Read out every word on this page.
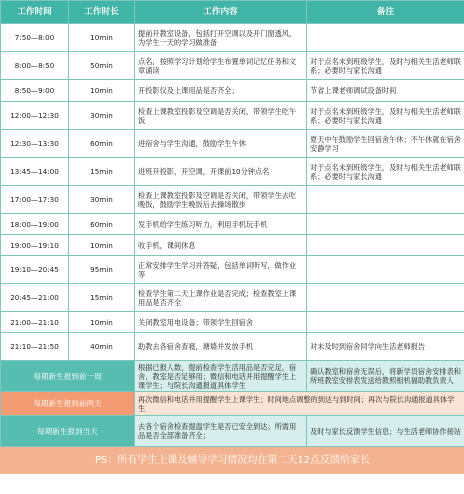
工作时间	工作时长	工作内容	备注
7:50—8:00	10min	提前开教室设备，包括打开空调以及开门窗透风，为学生一天的学习做准备	
8:00—8:50	50min	点名，按照学习计划给学生布置单词记忆任务和文章诵读	对于点名未到班级学生，及时与相关生活老师联系；必要时与家长沟通
8:50—9:00	10min	开投影仪及上课用品是否齐全；	节省上课老师调试设备时间
12:00—12:30	30min	检查上课教室投影及空调是否关闭，带领学生吃午饭	对于点名未到班级学生，及时与相关生活老师联系；必要时与家长沟通
12:30—13:30	60min	进宿舍与学生沟通，鼓励学生午休	夏天中午鼓励学生回宿舍午休；不午休就在宿舍安静学习
13:45—14:00	15min	进班开投影，开空调，开课前10分钟点名	对于点名未到班级学生，及时与相关生活老师联系；必要时与家长沟通
17:00—17:30	30min	检查上课教室投影及空调是否关闭，带领学生去吃晚饭，鼓励学生晚饭后去操场散步	
18:00—19:00	60min	发手机给学生练习听力，利用手机玩手机	
19:00—19:10	10min	收手机，课间休息	
19:10—20:45	95min	正常安排学生学习并答疑，包括单词听写，做作业等	
20:45—21:00	15min	检查学生第二天上课作业是否完成；检查教室上课用品是否齐全	
21:00—21:10	10min	关闭教室用电设备；带领学生回宿舍	
21:10—21:50	40min	助教去各宿舍查寝，塘墙并发放手机	对未及时到宿舍同学向生活老师报告
每期新生报到前一周		根据已报人数，提前检查学生活用品是否完足，宿舍，教室是否足够用；微信和电话并用提醒学生上课学生；与院长沟通报道具体学生	确认教室和宿舍无误后，将新学员宿舍安排表和所班教室安排表发送给教照相机福助教负责人
每期新生报到前两天		再次微信和电话并用提醒学生上课学生；时间地点调整的到达与到时间；再次与院长沟通报道具体学生	
每期新生报到当天		去各个宿舍检查提温学生是否已安全到达；所需用品是否全部准备齐全；	及时与家长反馈学生信息；与生活老师协作接站
PS：所有学生上课及辅导学习情况均在第二天12点反馈给家长			
